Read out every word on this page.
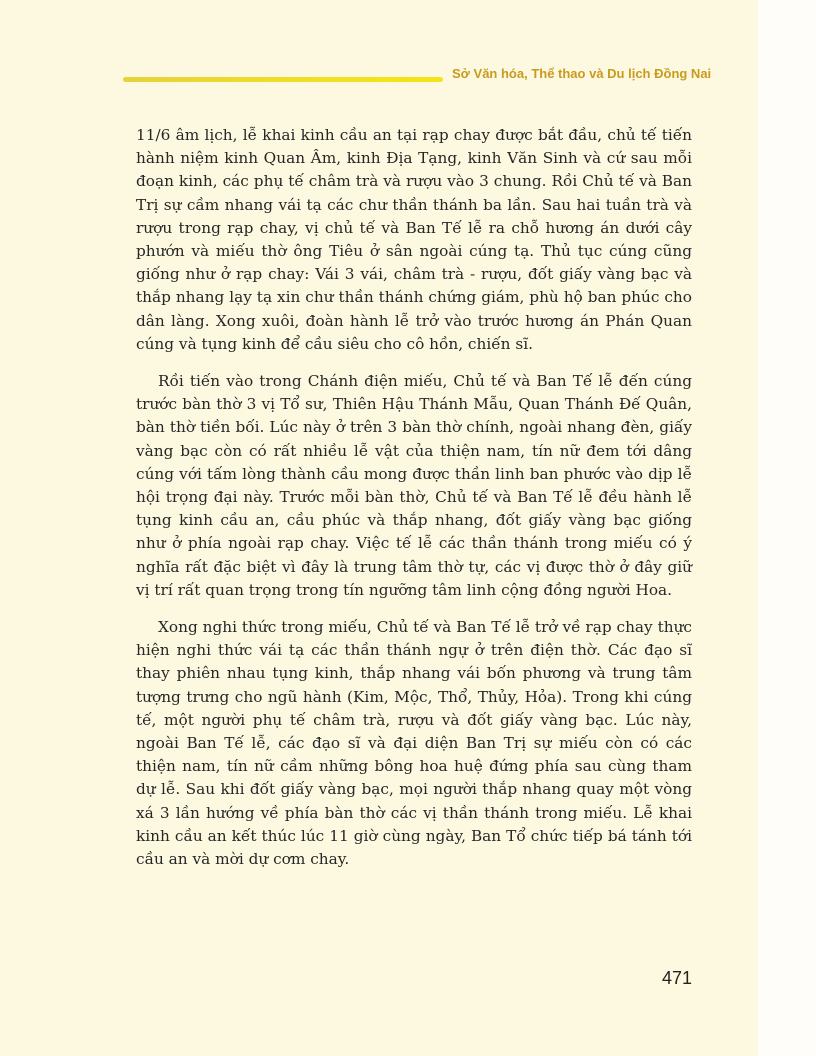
Sở Văn hóa, Thể thao và Du lịch Đồng Nai

11/6 âm lịch, lễ khai kinh cầu an tại rạp chay được bắt đầu, chủ tế tiến hành niệm kinh Quan Âm, kinh Địa Tạng, kinh Văn Sinh và cứ sau mỗi đoạn kinh, các phụ tế châm trà và rượu vào 3 chung. Rồi Chủ tế và Ban Trị sự cầm nhang vái tạ các chư thần thánh ba lần. Sau hai tuần trà và rượu trong rạp chay, vị chủ tế và Ban Tế lễ ra chỗ hương án dưới cây phướn và miếu thờ ông Tiêu ở sân ngoài cúng tạ. Thủ tục cúng cũng giống như ở rạp chay: Vái 3 vái, châm trà - rượu, đốt giấy vàng bạc và thắp nhang lạy tạ xin chư thần thánh chứng giám, phù hộ ban phúc cho dân làng. Xong xuôi, đoàn hành lễ trở vào trước hương án Phán Quan cúng và tụng kinh để cầu siêu cho cô hồn, chiến sĩ.

Rồi tiến vào trong Chánh điện miếu, Chủ tế và Ban Tế lễ đến cúng trước bàn thờ 3 vị Tổ sư, Thiên Hậu Thánh Mẫu, Quan Thánh Đế Quân, bàn thờ tiền bối. Lúc này ở trên 3 bàn thờ chính, ngoài nhang đèn, giấy vàng bạc còn có rất nhiều lễ vật của thiện nam, tín nữ đem tới dâng cúng với tấm lòng thành cầu mong được thần linh ban phước vào dịp lễ hội trọng đại này. Trước mỗi bàn thờ, Chủ tế và Ban Tế lễ đều hành lễ tụng kinh cầu an, cầu phúc và thắp nhang, đốt giấy vàng bạc giống như ở phía ngoài rạp chay. Việc tế lễ các thần thánh trong miếu có ý nghĩa rất đặc biệt vì đây là trung tâm thờ tự, các vị được thờ ở đây giữ vị trí rất quan trọng trong tín ngưỡng tâm linh cộng đồng người Hoa.

Xong nghi thức trong miếu, Chủ tế và Ban Tế lễ trở về rạp chay thực hiện nghi thức vái tạ các thần thánh ngự ở trên điện thờ. Các đạo sĩ thay phiên nhau tụng kinh, thắp nhang vái bốn phương và trung tâm tượng trưng cho ngũ hành (Kim, Mộc, Thổ, Thủy, Hỏa). Trong khi cúng tế, một người phụ tế châm trà, rượu và đốt giấy vàng bạc. Lúc này, ngoài Ban Tế lễ, các đạo sĩ và đại diện Ban Trị sự miếu còn có các thiện nam, tín nữ cầm những bông hoa huệ đứng phía sau cùng tham dự lễ. Sau khi đốt giấy vàng bạc, mọi người thắp nhang quay một vòng xá 3 lần hướng về phía bàn thờ các vị thần thánh trong miếu. Lễ khai kinh cầu an kết thúc lúc 11 giờ cùng ngày, Ban Tổ chức tiếp bá tánh tới cầu an và mời dự cơm chay.

471
